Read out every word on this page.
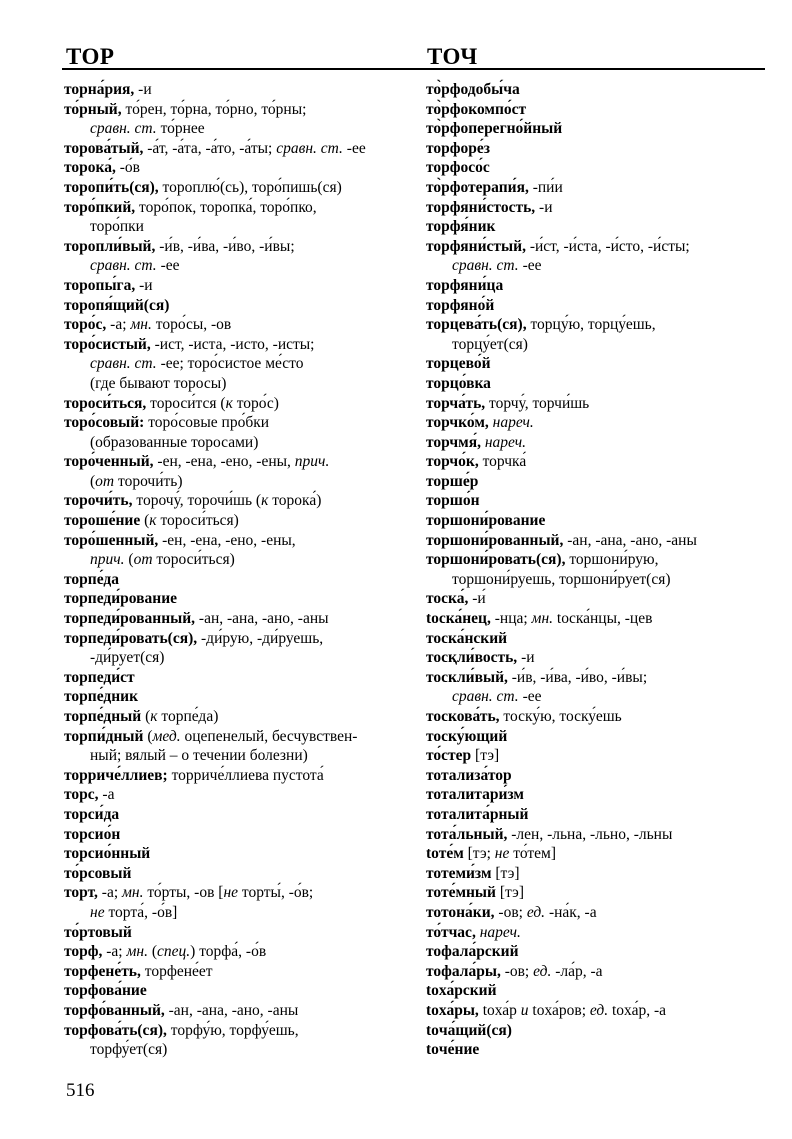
ТОР	ТОЧ
торна́рия, -и
то́рный, то́рен, то́рна, то́рно, то́рны;
сравн. ст. то́рнее
торова́тый, -а́т, -а́та, -а́то, -а́ты; сравн. ст. -ее
торока́, -о́в
торопи́ть(ся), тороплю́(сь), торо́пишь(ся)
торо́пкий, торо́пок, торопка́, торо́пко,
торо́пки
торопли́вый, -и́в, -и́ва, -и́во, -и́вы;
сравн. ст. -ее
торопы́га, -и
торопя́щий(ся)
торо́с, -а; мн. торо́сы, -ов
торо́систый, -ист, -иста, -исто, -исты;
сравн. ст. -ее; торо́систое ме́сто
(где бывают торосы)
тороси́ться, тороси́тся (к торо́с)
торо́совый: торо́совые про́бки
(образованные торосами)
торо́ченный, -ен, -ена, -ено, -ены, прич.
(от торочи́ть)
торочи́ть, торочу́, торочи́шь (к торока́)
тороше́ние (к тороси́ться)
торо́шенный, -ен, -ена, -ено, -ены,
прич. (от тороси́ться)
торпе́да
торпеди́рование
торпеди́рованный, -ан, -ана, -ано, -аны
торпеди́ровать(ся), -ди́рую, -ди́руешь,
-ди́рует(ся)
торпеди́ст
торпе́дник
торпе́дный (к торпе́да)
торпи́дный (мед. оцепенелый, бесчувствен-
ный; вялый – о течении болезни)
торриче́ллиев; торриче́ллиева пустота́
торс, -а
торси́да
торсио́н
торсио́нный
то́рсовый
торт, -а; мн. то́рты, -ов [не торты́, -о́в;
не торта́, -о́в]
то́ртовый
торф, -а; мн. (спец.) торфа́, -о́в
торфене́ть, торфене́ет
торфова́ние
торфо́ванный, -ан, -ана, -ано, -аны
торфова́ть(ся), торфу́ю, торфу́ешь,
торфу́ет(ся)
то̀рфодобы́ча
то̀рфокомпо́ст
то̀рфоперегно́йный
торфоре́з
торфосо́с
то̀рфотерапи́я, -пи́и
торфяни́стость, -и
торфя́ник
торфяни́стый, -и́ст, -и́ста, -и́сто, -и́сты;
сравн. ст. -ее
торфяни́ца
торфяно́й
торцева́ть(ся), торцу́ю, торцу́ешь,
торцу́ет(ся)
торцево́й
торцо́вка
торча́ть, торчу́, торчи́шь
торчко́м, нареч.
торчмя́, нареч.
торчо́к, торчка́
торше́р
торшо́н
торшони́рование
торшони́рованный, -ан, -ана, -ано, -аны
торшони́ровать(ся), торшони́рую,
торшони́руешь, торшони́рует(ся)
тоска́, -и́
toска́нец, -нца; мн. toска́нцы, -цев
тоска́нский
тосқли́вость, -и
тоскли́вый, -и́в, -и́ва, -и́во, -и́вы;
сравн. ст. -ее
тоскова́ть, тоску́ю, тоску́ешь
тоску́ющий
то́стер [тэ]
тотализа́тор
тоталитари́зм
тоталита́рный
тота́льный, -лен, -льна, -льно, -льны
tоте́м [тэ; не то́тем]
тотеми́зм [тэ]
тоте́мный [тэ]
тотона́ки, -ов; ед. -на́к, -а
то́тчас, нареч.
тофала́рский
тофала́ры, -ов; ед. -ла́р, -а
toха́рский
toха́ры, toха́р и toха́ров; ед. toха́р, -а
toча́щий(ся)
toче́ние
516
